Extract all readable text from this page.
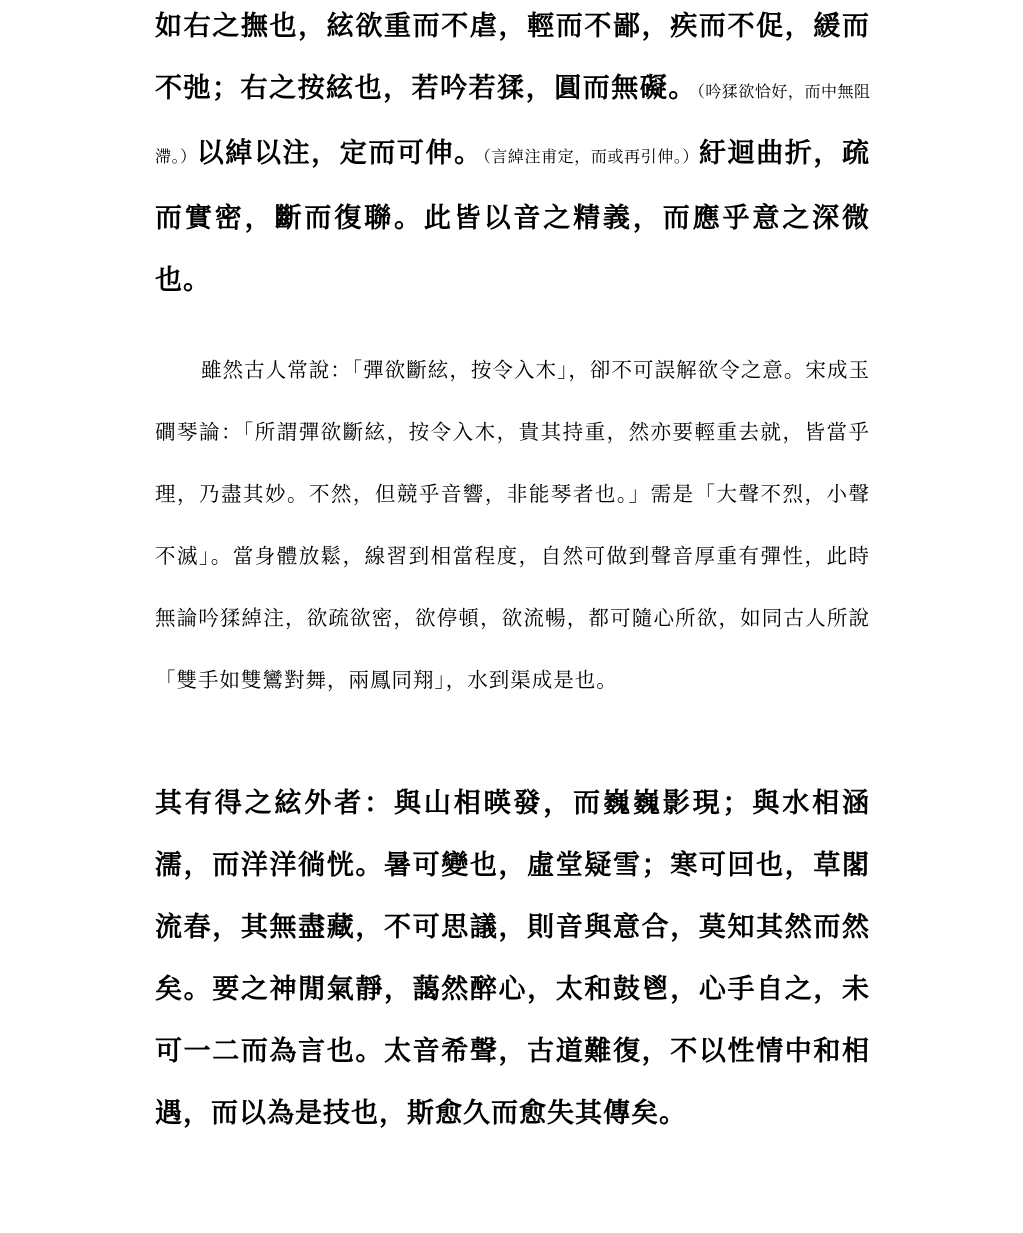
如右之撫也，絃欲重而不虐，輕而不鄙，疾而不促，緩而不弛；右之按絃也，若吟若猱，圓而無礙。（吟猱欲恰好，而中無阻滯。）以綽以注，定而可伸。（言綽注甫定，而或再引伸。）紆迴曲折，疏而實密，斷而復聯。此皆以音之精義，而應乎意之深微也。

雖然古人常說：「彈欲斷絃，按令入木」，卻不可誤解欲令之意。宋成玉磵琴論：「所謂彈欲斷絃，按令入木，貴其持重，然亦要輕重去就，皆當乎理，乃盡其妙。不然，但競乎音響，非能琴者也。」需是「大聲不烈，小聲不滅」。當身體放鬆，線習到相當程度，自然可做到聲音厚重有彈性，此時無論吟猱綽注，欲疏欲密，欲停頓，欲流暢，都可隨心所欲，如同古人所說「雙手如雙鸞對舞，兩鳳同翔」，水到渠成是也。

其有得之絃外者：與山相暎發，而巍巍影現；與水相涵濡，而洋洋徜恍。暑可變也，虛堂疑雪；寒可回也，草閣流春，其無盡藏，不可思議，則音與意合，莫知其然而然矣。要之神閒氣靜，藹然醉心，太和鼓鬯，心手自之，未可一二而為言也。太音希聲，古道難復，不以性情中和相遇，而以為是技也，斯愈久而愈失其傳矣。
